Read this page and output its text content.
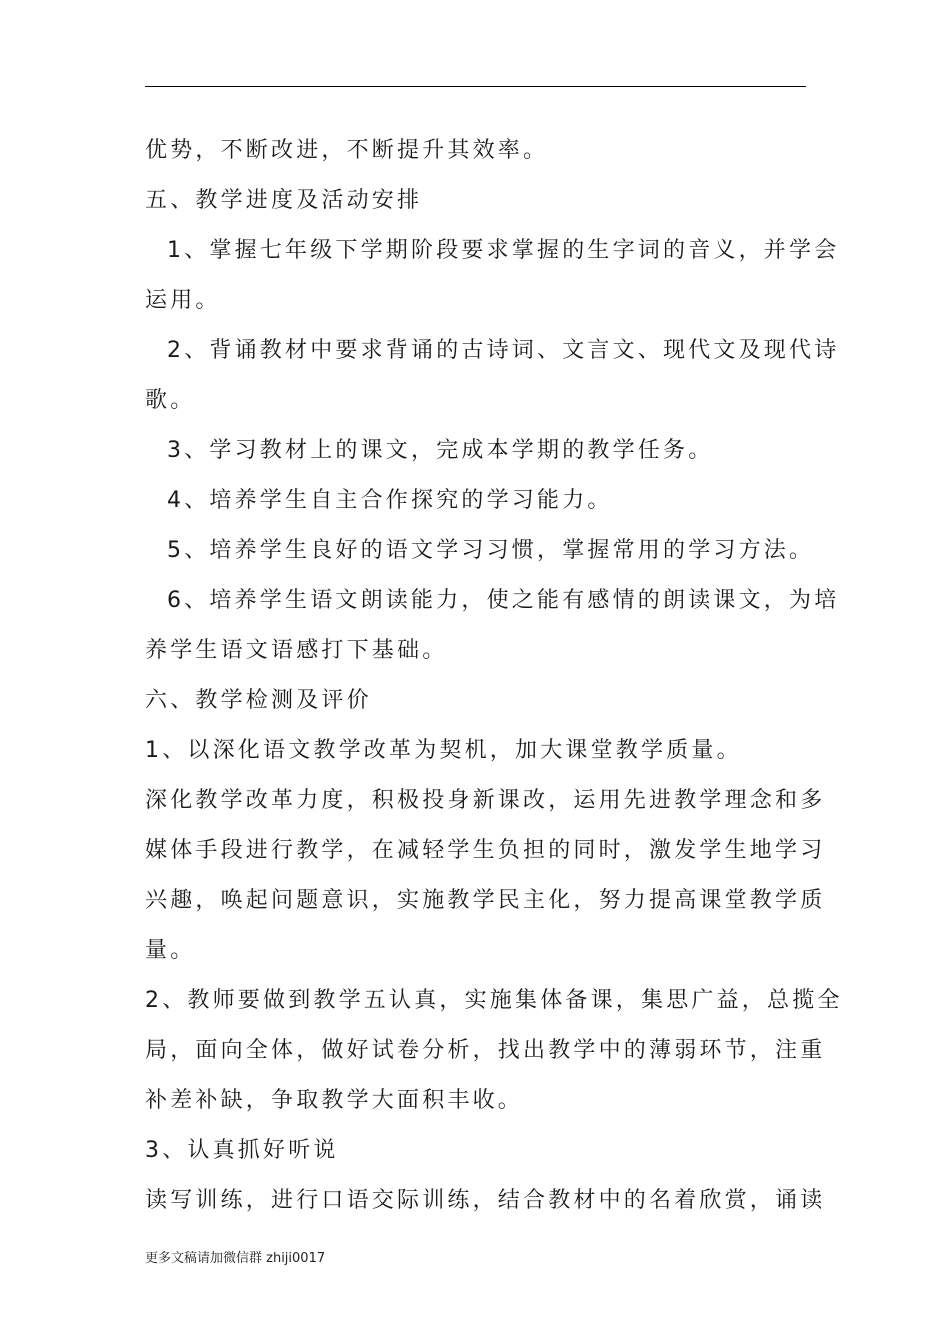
优势，不断改进，不断提升其效率。
五、教学进度及活动安排
1、掌握七年级下学期阶段要求掌握的生字词的音义，并学会
运用。
2、背诵教材中要求背诵的古诗词、文言文、现代文及现代诗
歌。
3、学习教材上的课文，完成本学期的教学任务。
4、培养学生自主合作探究的学习能力。
5、培养学生良好的语文学习习惯，掌握常用的学习方法。
6、培养学生语文朗读能力，使之能有感情的朗读课文，为培
养学生语文语感打下基础。
六、教学检测及评价
1、以深化语文教学改革为契机，加大课堂教学质量。
深化教学改革力度，积极投身新课改，运用先进教学理念和多
媒体手段进行教学，在减轻学生负担的同时，激发学生地学习
兴趣，唤起问题意识，实施教学民主化，努力提高课堂教学质
量。
2、教师要做到教学五认真，实施集体备课，集思广益，总揽全
局，面向全体，做好试卷分析，找出教学中的薄弱环节，注重
补差补缺，争取教学大面积丰收。
3、认真抓好听说
读写训练，进行口语交际训练，结合教材中的名着欣赏，诵读
更多文稿请加微信群 zhiji0017
